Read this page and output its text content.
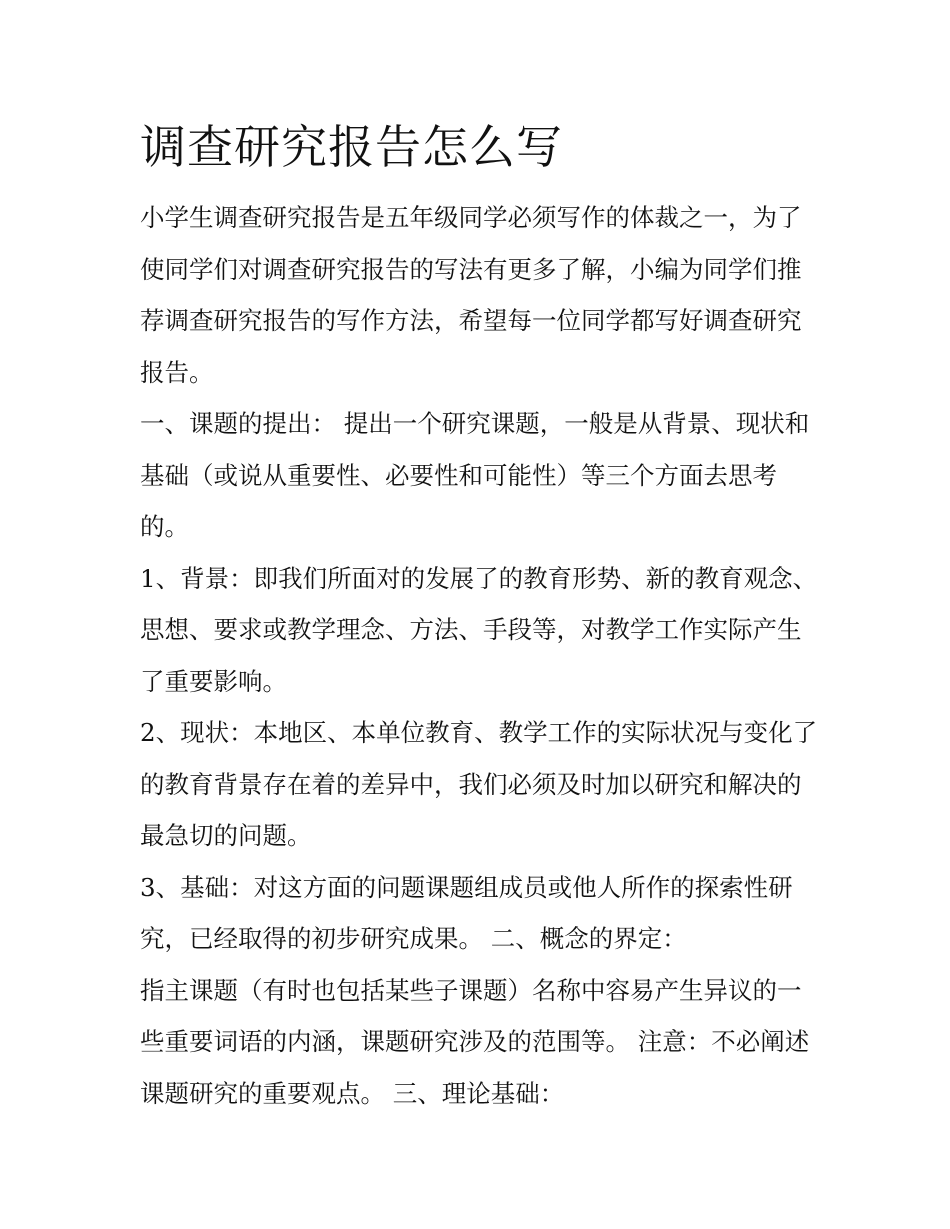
调查研究报告怎么写

小学生调查研究报告是五年级同学必须写作的体裁之一，为了使同学们对调查研究报告的写法有更多了解，小编为同学们推荐调查研究报告的写作方法，希望每一位同学都写好调查研究报告。

一、课题的提出： 提出一个研究课题，一般是从背景、现状和基础（或说从重要性、必要性和可能性）等三个方面去思考的。

1、背景：即我们所面对的发展了的教育形势、新的教育观念、思想、要求或教学理念、方法、手段等，对教学工作实际产生了重要影响。

2、现状：本地区、本单位教育、教学工作的实际状况与变化了的教育背景存在着的差异中，我们必须及时加以研究和解决的最急切的问题。

3、基础：对这方面的问题课题组成员或他人所作的探索性研究，已经取得的初步研究成果。 二、概念的界定：

指主课题（有时也包括某些子课题）名称中容易产生异议的一些重要词语的内涵，课题研究涉及的范围等。 注意：不必阐述课题研究的重要观点。 三、理论基础：
